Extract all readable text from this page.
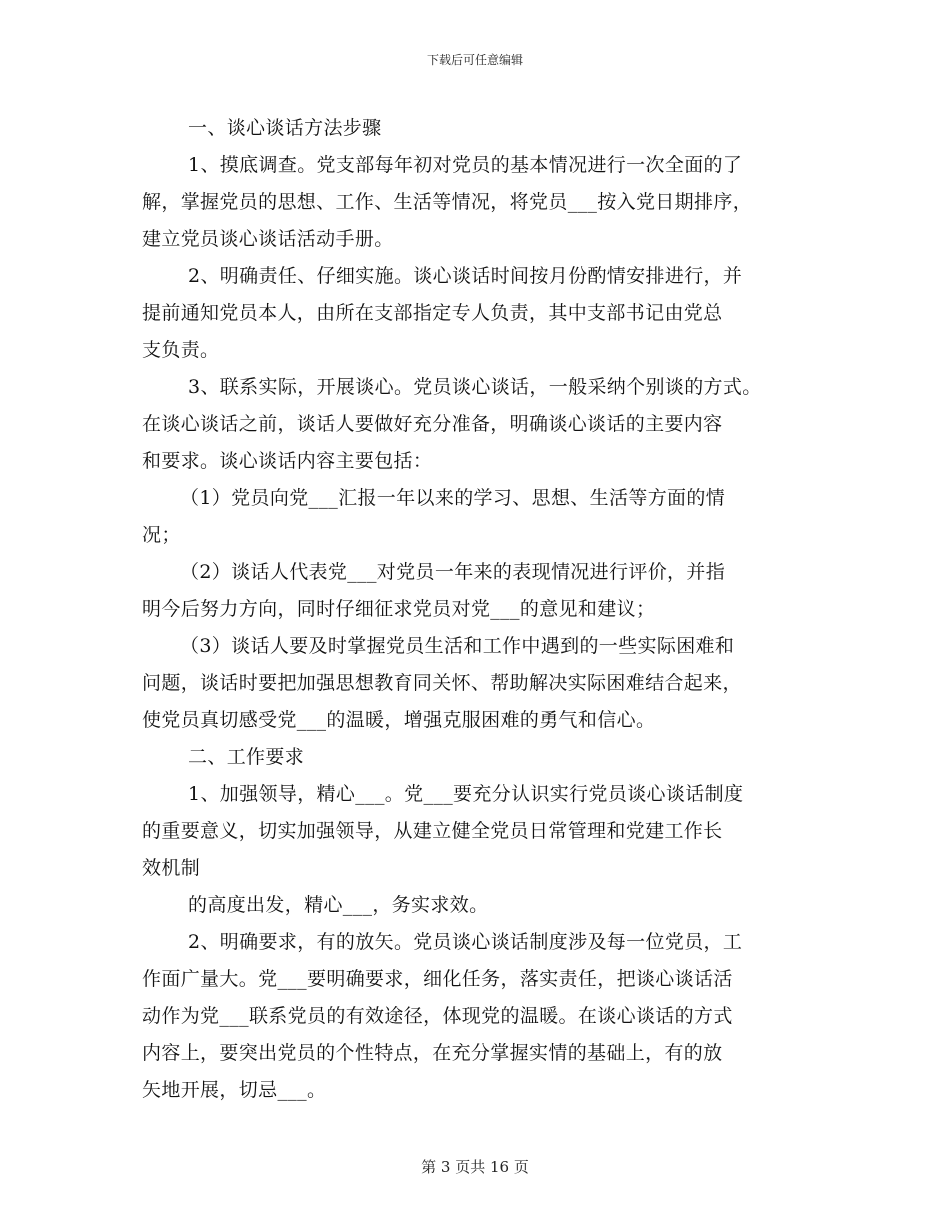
下载后可任意编辑
一、谈心谈话方法步骤
1、摸底调查。党支部每年初对党员的基本情况进行一次全面的了
解，掌握党员的思想、工作、生活等情况，将党员___按入党日期排序，
建立党员谈心谈话活动手册。
2、明确责任、仔细实施。谈心谈话时间按月份酌情安排进行，并
提前通知党员本人，由所在支部指定专人负责，其中支部书记由党总
支负责。
3、联系实际，开展谈心。党员谈心谈话，一般采纳个别谈的方式。
在谈心谈话之前，谈话人要做好充分准备，明确谈心谈话的主要内容
和要求。谈心谈话内容主要包括：
（1）党员向党___汇报一年以来的学习、思想、生活等方面的情
况；
（2）谈话人代表党___对党员一年来的表现情况进行评价，并指
明今后努力方向，同时仔细征求党员对党___的意见和建议；
（3）谈话人要及时掌握党员生活和工作中遇到的一些实际困难和
问题，谈话时要把加强思想教育同关怀、帮助解决实际困难结合起来，
使党员真切感受党___的温暖，增强克服困难的勇气和信心。
二、工作要求
1、加强领导，精心___。党___要充分认识实行党员谈心谈话制度
的重要意义，切实加强领导，从建立健全党员日常管理和党建工作长
效机制
的高度出发，精心___，务实求效。
2、明确要求，有的放矢。党员谈心谈话制度涉及每一位党员，工
作面广量大。党___要明确要求，细化任务，落实责任，把谈心谈话活
动作为党___联系党员的有效途径，体现党的温暖。在谈心谈话的方式
内容上，要突出党员的个性特点，在充分掌握实情的基础上，有的放
矢地开展，切忌___。
第 3 页共 16 页
